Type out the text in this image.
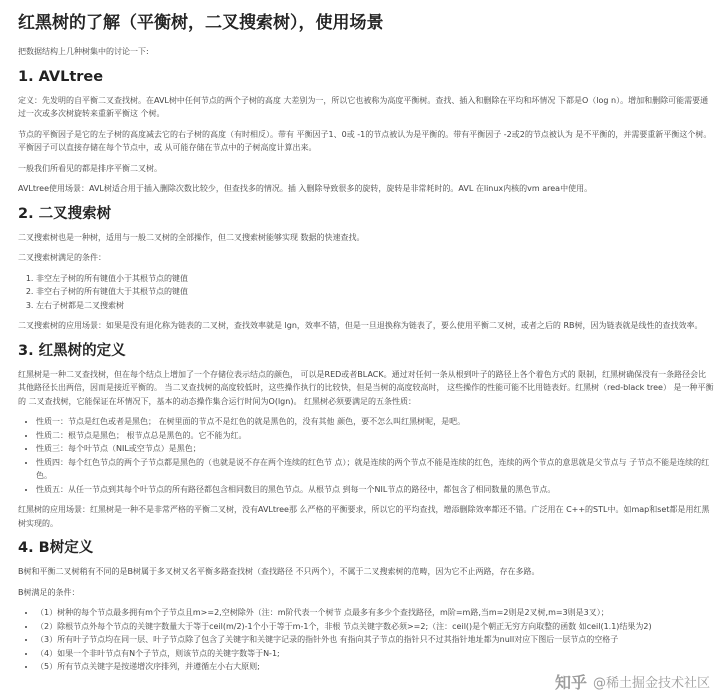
红黑树的了解（平衡树，二叉搜索树），使用场景

把数据结构上几种树集中的讨论一下:

1. AVLtree

定义：先发明的自平衡二叉查找树。在AVL树中任何节点的两个子树的高度 大差别为一，所以它也被称为高度平衡树。查找、插入和删除在平均和坏情况 下都是O（log n）。增加和删除可能需要通过一次或多次树旋转来重新平衡这 个树。

节点的平衡因子是它的左子树的高度减去它的右子树的高度（有时相反）。带有 平衡因子1、0或 -1的节点被认为是平衡的。带有平衡因子 -2或2的节点被认为 是不平衡的，并需要重新平衡这个树。平衡因子可以直接存储在每个节点中，或 从可能存储在节点中的子树高度计算出来。

一般我们所看见的都是排序平衡二叉树。

AVLtree使用场景：AVL树适合用于插入删除次数比较少，但查找多的情况。插 入删除导致很多的旋转，旋转是非常耗时的。AVL 在linux内核的vm area中使用。

2. 二叉搜索树

二叉搜索树也是一种树，适用与一般二叉树的全部操作，但二叉搜索树能够实现 数据的快速查找。

二叉搜索树满足的条件：

1. 非空左子树的所有键值小于其根节点的键值
2. 非空右子树的所有键值大于其根节点的键值
3. 左右子树都是二叉搜索树

二叉搜索树的应用场景：如果是没有退化称为链表的二叉树，查找效率就是 lgn，效率不错，但是一旦退换称为链表了，要么使用平衡二叉树，或者之后的 RB树，因为链表就是线性的查找效率。

3. 红黑树的定义

红黑树是一种二叉查找树，但在每个结点上增加了一个存储位表示结点的颜色， 可以是RED或者BLACK。通过对任何一条从根到叶子的路径上各个着色方式的 限制，红黑树确保没有一条路径会比其他路径长出两倍，因而是接近平衡的。 当二叉查找树的高度较低时，这些操作执行的比较快，但是当树的高度较高时， 这些操作的性能可能不比用链表好。红黑树（red-black tree） 是一种平衡的 二叉查找树，它能保证在坏情况下，基本的动态操作集合运行时间为O(lgn)。 红黑树必须要满足的五条性质：

• 性质一：节点是红色或者是黑色； 在树里面的节点不是红色的就是黑色的，没有其他 颜色，要不怎么叫红黑树呢，是吧。
• 性质二：根节点是黑色； 根节点总是黑色的。它不能为红。
• 性质三：每个叶节点（NIL或空节点）是黑色；
• 性质四：每个红色节点的两个子节点都是黑色的（也就是说不存在两个连续的红色节 点）；就是连续的两个节点不能是连续的红色，连续的两个节点的意思就是父节点与 子节点不能是连续的红色。
• 性质五：从任一节点到其每个叶节点的所有路径都包含相同数目的黑色节点。从根节点 到每一个NIL节点的路径中，都包含了相同数量的黑色节点。

红黑树的应用场景：红黑树是一种不是非常严格的平衡二叉树，没有AVLtree那 么严格的平衡要求，所以它的平均查找，增添删除效率都还不错。广泛用在 C++的STL中。如map和set都是用红黑树实现的。

4. B树定义

B树和平衡二叉树稍有不同的是B树属于多叉树又名平衡多路查找树（查找路径 不只两个），不属于二叉搜索树的范畴，因为它不止两路，存在多路。

B树满足的条件：

• （1）树种的每个节点最多拥有m个子节点且m>=2,空树除外（注：m阶代表一个树节 点最多有多少个查找路径，m阶=m路,当m=2则是2叉树,m=3则是3叉）；
• （2）除根节点外每个节点的关键字数量大于等于ceil(m/2)-1个小于等于m-1个，非根 节点关键字数必须>=2;（注：ceil()是个朝正无穷方向取整的函数 如ceil(1.1)结果为2)
• （3）所有叶子节点均在同一层、叶子节点除了包含了关键字和关键字记录的指针外也 有指向其子节点的指针只不过其指针地址都为null对应下图后一层节点的空格子
• （4）如果一个非叶节点有N个子节点，则该节点的关键字数等于N-1;
• （5）所有节点关键字是按递增次序排列，并遵循左小右大原则;
知乎 @稀土掘金技术社区
